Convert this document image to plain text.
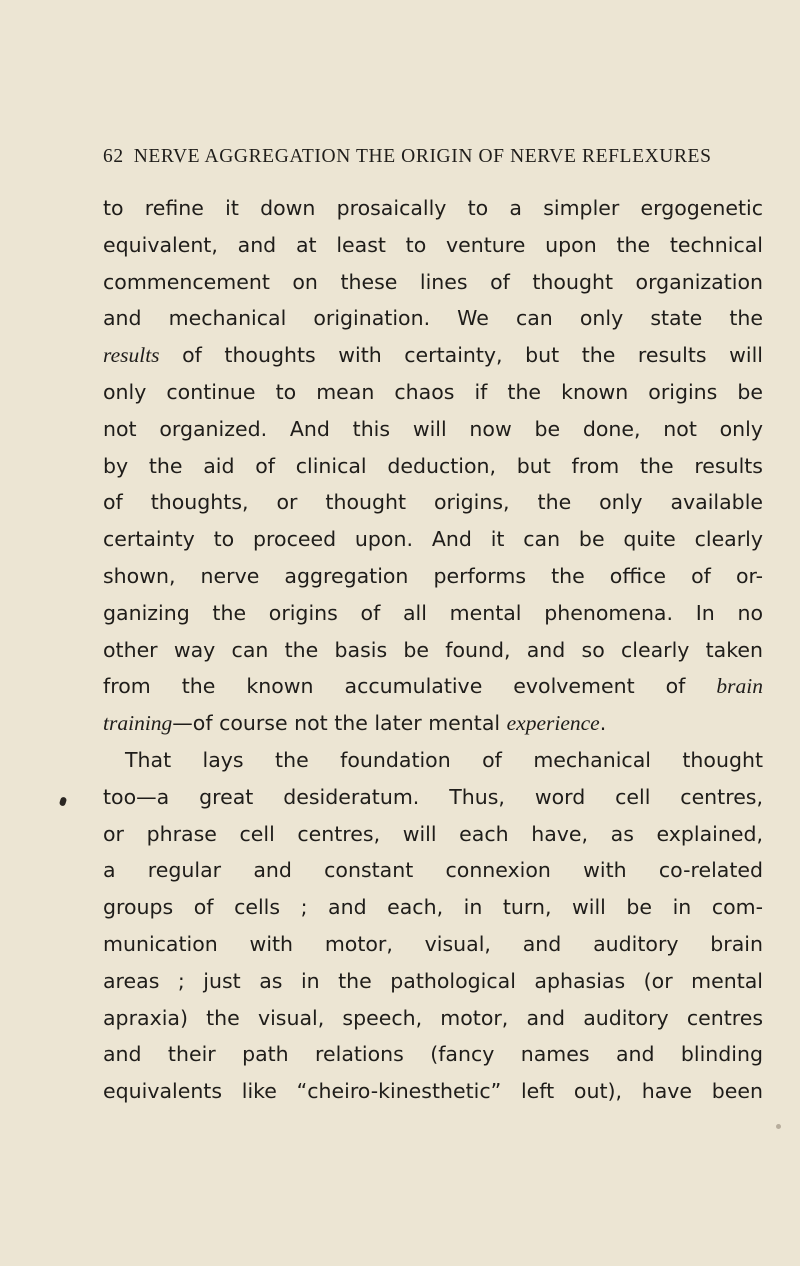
62 NERVE AGGREGATION THE ORIGIN OF NERVE REFLEXURES
to refine it down prosaically to a simpler ergogenetic
equivalent, and at least to venture upon the technical
commencement on these lines of thought organization
and mechanical origination. We can only state the
results of thoughts with certainty, but the results will
only continue to mean chaos if the known origins be
not organized. And this will now be done, not only
by the aid of clinical deduction, but from the results
of thoughts, or thought origins, the only available
certainty to proceed upon. And it can be quite clearly
shown, nerve aggregation performs the office of or-
ganizing the origins of all mental phenomena. In no
other way can the basis be found, and so clearly taken
from the known accumulative evolvement of brain
training—of course not the later mental experience.
That lays the foundation of mechanical thought
too—a great desideratum. Thus, word cell centres,
or phrase cell centres, will each have, as explained,
a regular and constant connexion with co-related
groups of cells ; and each, in turn, will be in com-
munication with motor, visual, and auditory brain
areas ; just as in the pathological aphasias (or mental
apraxia) the visual, speech, motor, and auditory centres
and their path relations (fancy names and blinding
equivalents like “cheiro-kinesthetic” left out), have been
